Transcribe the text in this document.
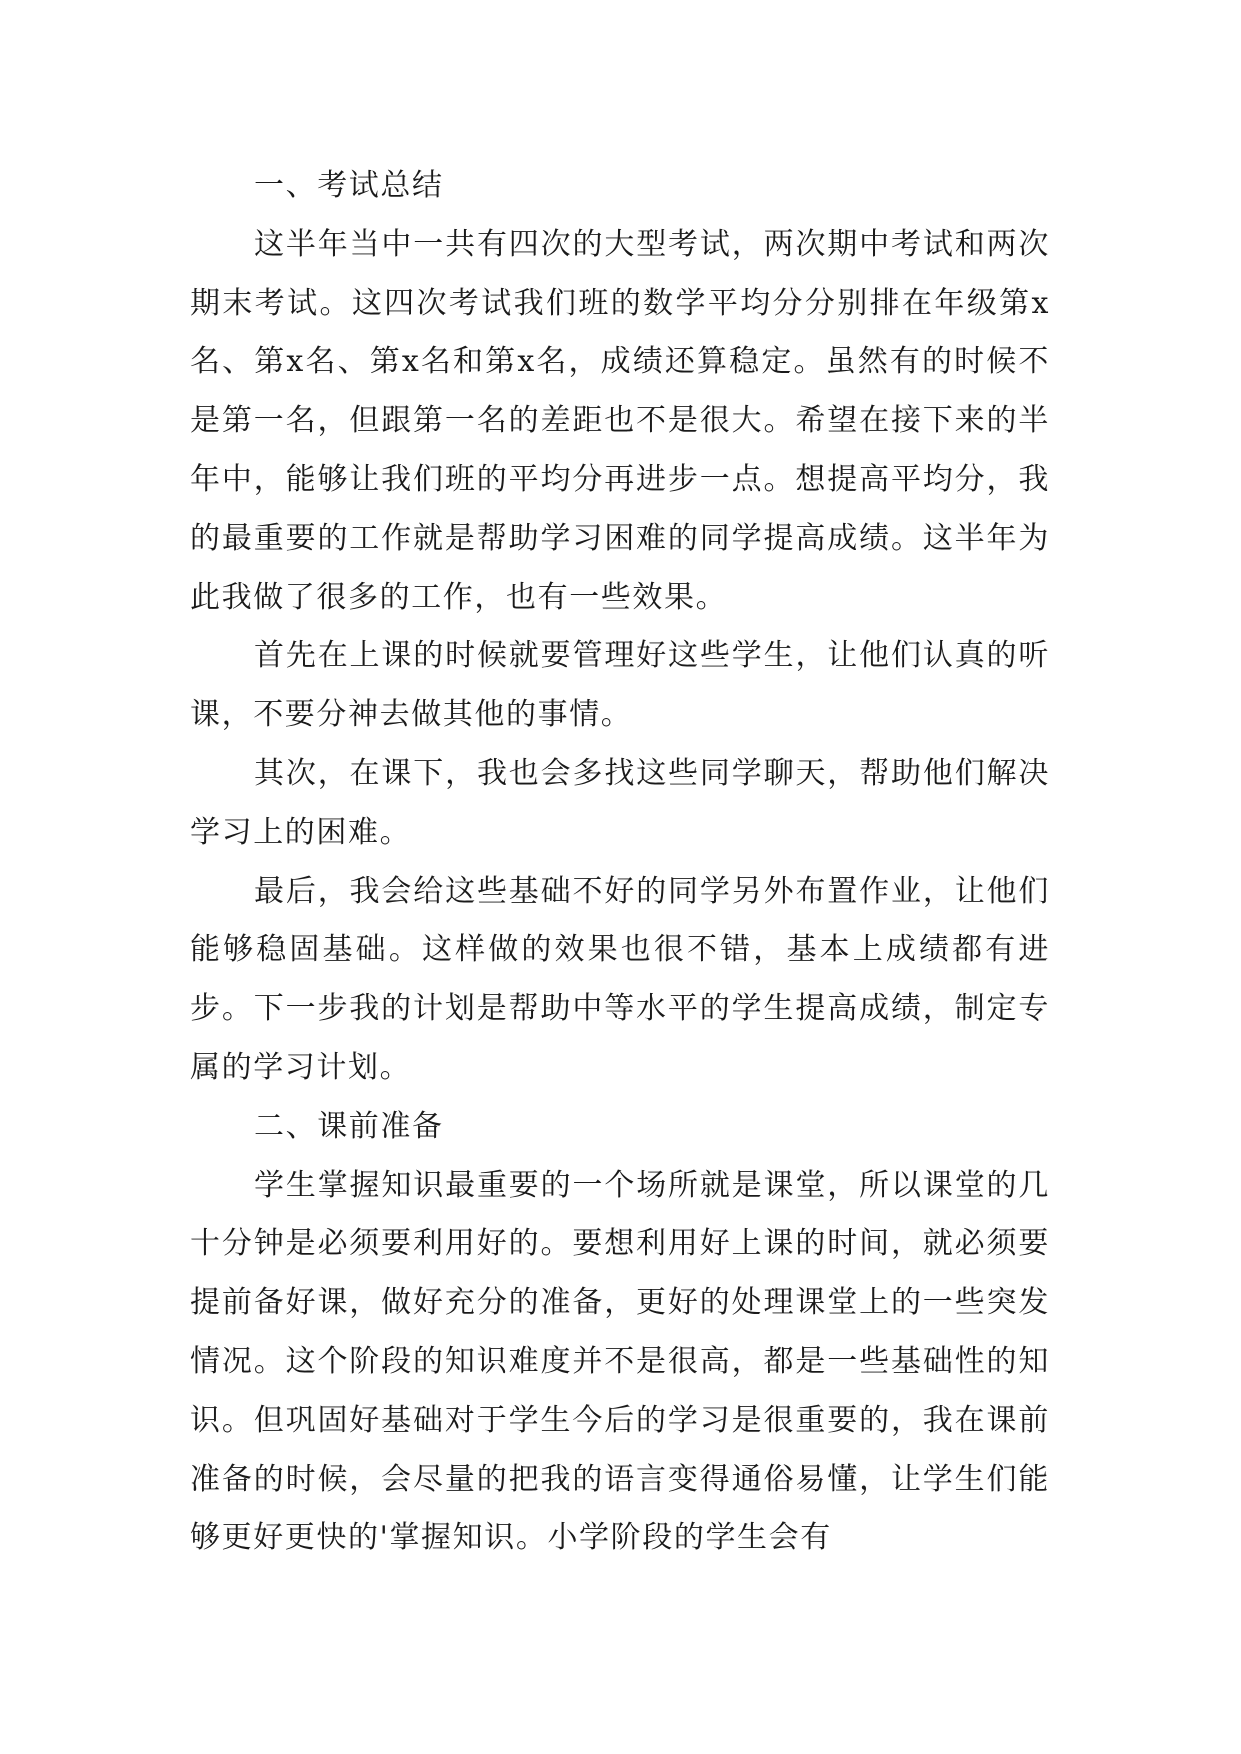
一、考试总结

这半年当中一共有四次的大型考试，两次期中考试和两次期末考试。这四次考试我们班的数学平均分分别排在年级第x名、第x名、第x名和第x名，成绩还算稳定。虽然有的时候不是第一名，但跟第一名的差距也不是很大。希望在接下来的半年中，能够让我们班的平均分再进步一点。想提高平均分，我的最重要的工作就是帮助学习困难的同学提高成绩。这半年为此我做了很多的工作，也有一些效果。

首先在上课的时候就要管理好这些学生，让他们认真的听课，不要分神去做其他的事情。

其次，在课下，我也会多找这些同学聊天，帮助他们解决学习上的困难。

最后，我会给这些基础不好的同学另外布置作业，让他们能够稳固基础。这样做的效果也很不错，基本上成绩都有进步。下一步我的计划是帮助中等水平的学生提高成绩，制定专属的学习计划。

二、课前准备

学生掌握知识最重要的一个场所就是课堂，所以课堂的几十分钟是必须要利用好的。要想利用好上课的时间，就必须要提前备好课，做好充分的准备，更好的处理课堂上的一些突发情况。这个阶段的知识难度并不是很高，都是一些基础性的知识。但巩固好基础对于学生今后的学习是很重要的，我在课前准备的时候，会尽量的把我的语言变得通俗易懂，让学生们能够更好更快的'掌握知识。小学阶段的学生会有
